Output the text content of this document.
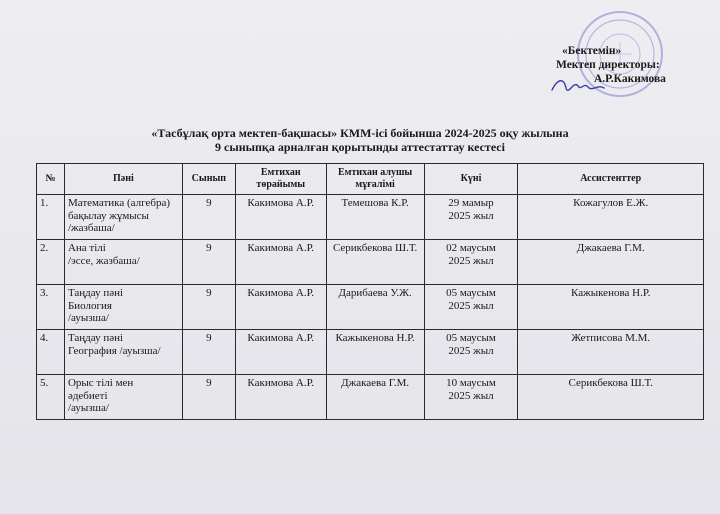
«Бектемін»
Мектеп директоры:
А.Р.Какимова
«Тасбұлақ орта мектеп-бақшасы» КММ-ісі бойынша 2024-2025 оқу жылына
9 сыныпқа арналған қорытынды аттестаттау кестесі
№	Пәні	Сынып	Емтихан төрайымы	Емтихан алушы мұғалімі	Күні	Ассистенттер
1.	Математика (алгебра)
бақылау жұмысы
/жазбаша/	9	Какимова А.Р.	Темешова К.Р.	29 мамыр
2025 жыл	Кожагулов Е.Ж.
2.	Ана тілі
/эссе, жазбаша/	9	Какимова А.Р.	Серикбекова Ш.Т.	02 маусым
2025 жыл	Джакаева Г.М.
3.	Таңдау пәні
Биология
/ауызша/	9	Какимова А.Р.	Дарибаева У.Ж.	05 маусым
2025 жыл	Кажыкенова Н.Р.
4.	Таңдау пәні
География /ауызша/	9	Какимова А.Р.	Кажыкенова Н.Р.	05 маусым
2025 жыл	Жетписова М.М.
5.	Орыс тілі мен
әдебиеті
/ауызша/	9	Какимова А.Р.	Джакаева Г.М.	10 маусым
2025 жыл	Серикбекова Ш.Т.
